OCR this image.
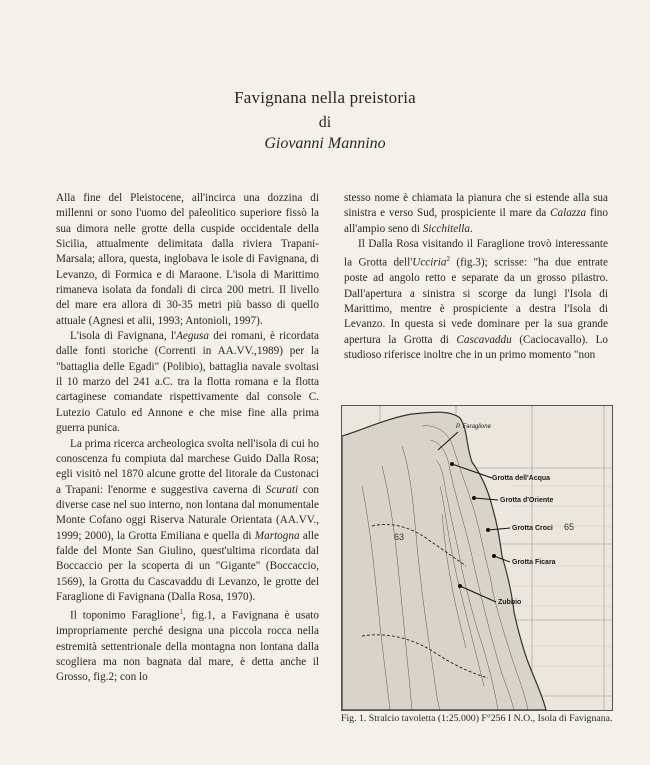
Favignana nella preistoria
di
Giovanni Mannino

Alla fine del Pleistocene, all'incirca una dozzina di millenni or sono l'uomo del paleolitico superiore fissò la sua dimora nelle grotte della cuspide occidentale della Sicilia, attualmente delimitata dalla riviera Trapani-Marsala; allora, questa, inglobava le isole di Favignana, di Levanzo, di Formica e di Maraone. L'isola di Marittimo rimaneva isolata da fondali di circa 200 metri. Il livello del mare era allora di 30-35 metri più basso di quello attuale (Agnesi et alii, 1993; Antonioli, 1997).

L'isola di Favignana, l'Aegusa dei romani, è ricordata dalle fonti storiche (Correnti in AA.VV.,1989) per la "battaglia delle Egadi" (Polibio), battaglia navale svoltasi il 10 marzo del 241 a.C. tra la flotta romana e la flotta cartaginese comandate rispettivamente dal console C. Lutezio Catulo ed Annone e che mise fine alla prima guerra punica.

La prima ricerca archeologica svolta nell'isola di cui ho conoscenza fu compiuta dal marchese Guido Dalla Rosa; egli visitò nel 1870 alcune grotte del litorale da Custonaci a Trapani: l'enorme e suggestiva caverna di Scurati con diverse case nel suo interno, non lontana dal monumentale Monte Cofano oggi Riserva Naturale Orientata (AA.VV., 1999; 2000), la Grotta Emiliana e quella di Martogna alle falde del Monte San Giulino, quest'ultima ricordata dal Boccaccio per la scoperta di un "Gigante" (Boccaccio, 1569), la Grotta du Cascavaddu di Levanzo, le grotte del Faraglione di Favignana (Dalla Rosa, 1970).

Il toponimo Faraglione$^1$, fig.1, a Favignana è usato impropriamente perché designa una piccola rocca nella estremità settentrionale della montagna non lontana dalla scogliera ma non bagnata dal mare, è detta anche il Grosso, fig.2; con lo

stesso nome è chiamata la pianura che si estende alla sua sinistra e verso Sud, prospiciente il mare da Calazza fino all'ampio seno di Sicchitella.

Il Dalla Rosa visitando il Faraglione trovò interessante la Grotta dell'Ucciria$^2$ (fig.3); scrisse: "ha due entrate poste ad angolo retto e separate da un grosso pilastro. Dall'apertura a sinistra si scorge da lungi l'Isola di Marittimo, mentre è prospiciente a destra l'Isola di Levanzo. In questa si vede dominare per la sua grande apertura la Grotta di Cascavaddu (Caciocavallo). Lo studioso riferisce inoltre che in un primo momento "non

P. Faraglione
Grotta dell'Acqua
Grotta d'Oriente
Grotta Croci
Grotta Ficara
Zubbio
63
65
Fig. 1. Stralcio tavoletta (1:25.000) F°256 I N.O., Isola di Favignana.
